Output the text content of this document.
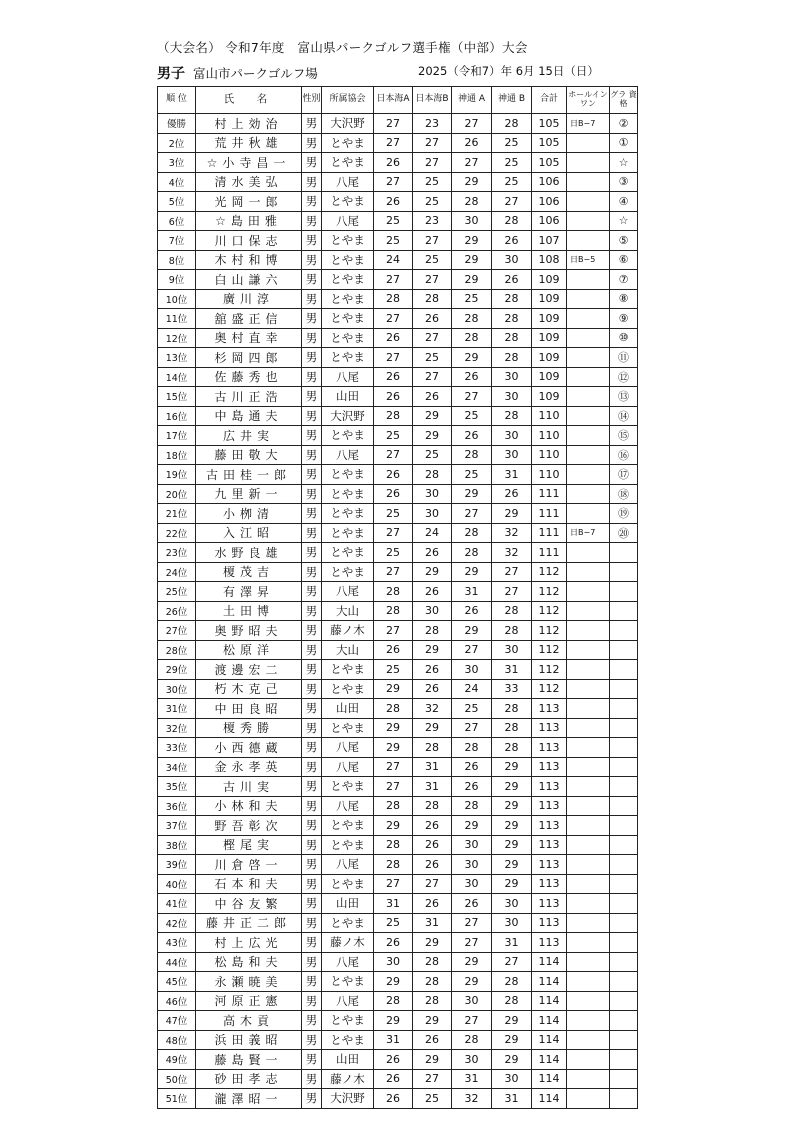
（大会名） 令和7年度　富山県パークゴルフ選手権（中部）大会
男子 富山市パークゴルフ場	2025（令和7）年 6月 15日（日）
順 位	氏　名	性別	所属協会	日本海A	日本海B	神通 A	神通 B	合計	ホールイン ワン	グラ 資格
優勝	村上効治	男	大沢野	27	23	27	28	105	日B−7	②
2位	荒井秋雄	男	とやま	27	27	26	25	105		①
3位	☆小寺昌一	男	とやま	26	27	27	25	105		☆
4位	清水美弘	男	八尾	27	25	29	25	106		③
5位	光岡一郎	男	とやま	26	25	28	27	106		④
6位	☆島田雅	男	八尾	25	23	30	28	106		☆
7位	川口保志	男	とやま	25	27	29	26	107		⑤
8位	木村和博	男	とやま	24	25	29	30	108	日B−5	⑥
9位	白山謙六	男	とやま	27	27	29	26	109		⑦
10位	廣川淳	男	とやま	28	28	25	28	109		⑧
11位	舘盛正信	男	とやま	27	26	28	28	109		⑨
12位	奥村直幸	男	とやま	26	27	28	28	109		⑩
13位	杉岡四郎	男	とやま	27	25	29	28	109		⑪
14位	佐藤秀也	男	八尾	26	27	26	30	109		⑫
15位	古川正浩	男	山田	26	26	27	30	109		⑬
16位	中島通夫	男	大沢野	28	29	25	28	110		⑭
17位	広井実	男	とやま	25	29	26	30	110		⑮
18位	藤田敬大	男	八尾	27	25	28	30	110		⑯
19位	古田桂一郎	男	とやま	26	28	25	31	110		⑰
20位	九里新一	男	とやま	26	30	29	26	111		⑱
21位	小栁清	男	とやま	25	30	27	29	111		⑲
22位	入江昭	男	とやま	27	24	28	32	111	日B−7	⑳
23位	水野良雄	男	とやま	25	26	28	32	111		
24位	榎茂吉	男	とやま	27	29	29	27	112		
25位	有澤昇	男	八尾	28	26	31	27	112		
26位	土田博	男	大山	28	30	26	28	112		
27位	奥野昭夫	男	藤ノ木	27	28	29	28	112		
28位	松原洋	男	大山	26	29	27	30	112		
29位	渡邊宏二	男	とやま	25	26	30	31	112		
30位	朽木克己	男	とやま	29	26	24	33	112		
31位	中田良昭	男	山田	28	32	25	28	113		
32位	榎秀勝	男	とやま	29	29	27	28	113		
33位	小西德蔵	男	八尾	29	28	28	28	113		
34位	金永孝英	男	八尾	27	31	26	29	113		
35位	古川実	男	とやま	27	31	26	29	113		
36位	小林和夫	男	八尾	28	28	28	29	113		
37位	野吾彰次	男	とやま	29	26	29	29	113		
38位	樫尾実	男	とやま	28	26	30	29	113		
39位	川倉啓一	男	八尾	28	26	30	29	113		
40位	石本和夫	男	とやま	27	27	30	29	113		
41位	中谷友繁	男	山田	31	26	26	30	113		
42位	藤井正二郎	男	とやま	25	31	27	30	113		
43位	村上広光	男	藤ノ木	26	29	27	31	113		
44位	松島和夫	男	八尾	30	28	29	27	114		
45位	永瀬暁美	男	とやま	29	28	29	28	114		
46位	河原正憲	男	八尾	28	28	30	28	114		
47位	高木貢	男	とやま	29	29	27	29	114		
48位	浜田義昭	男	とやま	31	26	28	29	114		
49位	藤島賢一	男	山田	26	29	30	29	114		
50位	砂田孝志	男	藤ノ木	26	27	31	30	114		
51位	瀧澤昭一	男	大沢野	26	25	32	31	114		
